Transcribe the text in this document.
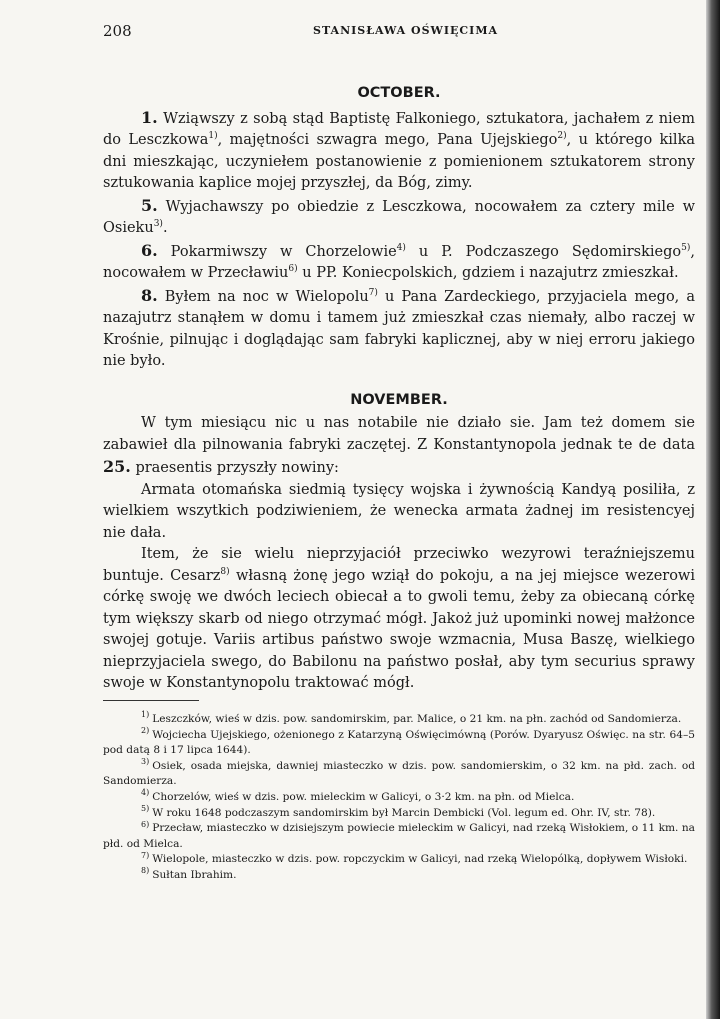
208	STANISŁAWA OŚWIĘCIMA
OCTOBER.

1. Wziąwszy z sobą stąd Baptistę Falkoniego, sztukatora, jachałem z niem do Lesczkowa$^{1)}$, majętności szwagra mego, Pana Ujejskiego$^{2)}$, u którego kilka dni mieszkając, uczyniełem postanowienie z pomienionem sztukatorem strony sztukowania kaplice mojej przyszłej, da Bóg, zimy.

5. Wyjachawszy po obiedzie z Lesczkowa, nocowałem za cztery mile w Osieku$^{3)}$.

6. Pokarmiwszy w Chorzelowie$^{4)}$ u P. Podczaszego Sędomirskiego$^{5)}$, nocowałem w Przecławiu$^{6)}$ u PP. Koniecpolskich, gdziem i nazajutrz zmieszkał.

8. Byłem na noc w Wielopolu$^{7)}$ u Pana Zardeckiego, przyjaciela mego, a nazajutrz stanąłem w domu i tamem już zmieszkał czas niemały, albo raczej w Krośnie, pilnując i doglądając sam fabryki kaplicznej, aby w niej erroru jakiego nie było.

NOVEMBER.

W tym miesiącu nic u nas notabile nie działo sie. Jam też domem sie zabawieł dla pilnowania fabryki zaczętej. Z Konstantynopola jednak te de data 25. praesentis przyszły nowiny:

Armata otomańska siedmią tysięcy wojska i żywnością Kandyą posiliła, z wielkiem wszytkich podziwieniem, że wenecka armata żadnej im resistencyej nie dała.

Item, że sie wielu nieprzyjaciół przeciwko wezyrowi teraźniejszemu buntuje. Cesarz$^{8)}$ własną żonę jego wziął do pokoju, a na jej miejsce wezerowi córkę swoję we dwóch leciech obiecał a to gwoli temu, żeby za obiecaną córkę tym większy skarb od niego otrzymać mógł. Jakoż już upominki nowej małżonce swojej gotuje. Variis artibus państwo swoje wzmacnia, Musa Baszę, wielkiego nieprzyjaciela swego, do Babilonu na państwo posłał, aby tym securius sprawy swoje w Konstantynopolu traktować mógł.

$^{1)}$ Leszczków, wieś w dzis. pow. sandomirskim, par. Malice, o 21 km. na płn. zachód od Sandomierza.

$^{2)}$ Wojciecha Ujejskiego, ożenionego z Katarzyną Oświęcimówną (Porów. Dyaryusz Oświęc. na str. 64–5 pod datą 8 i 17 lipca 1644).

$^{3)}$ Osiek, osada miejska, dawniej miasteczko w dzis. pow. sandomierskim, o 32 km. na płd. zach. od Sandomierza.

$^{4)}$ Chorzelów, wieś w dzis. pow. mieleckim w Galicyi, o 3·2 km. na płn. od Mielca.

$^{5)}$ W roku 1648 podczaszym sandomirskim był Marcin Dembicki (Vol. legum ed. Ohr. IV, str. 78).

$^{6)}$ Przecław, miasteczko w dzisiejszym powiecie mieleckim w Galicyi, nad rzeką Wisłokiem, o 11 km. na płd. od Mielca.

$^{7)}$ Wielopole, miasteczko w dzis. pow. ropczyckim w Galicyi, nad rzeką Wielopólką, dopływem Wisłoki.

$^{8)}$ Sułtan Ibrahim.
